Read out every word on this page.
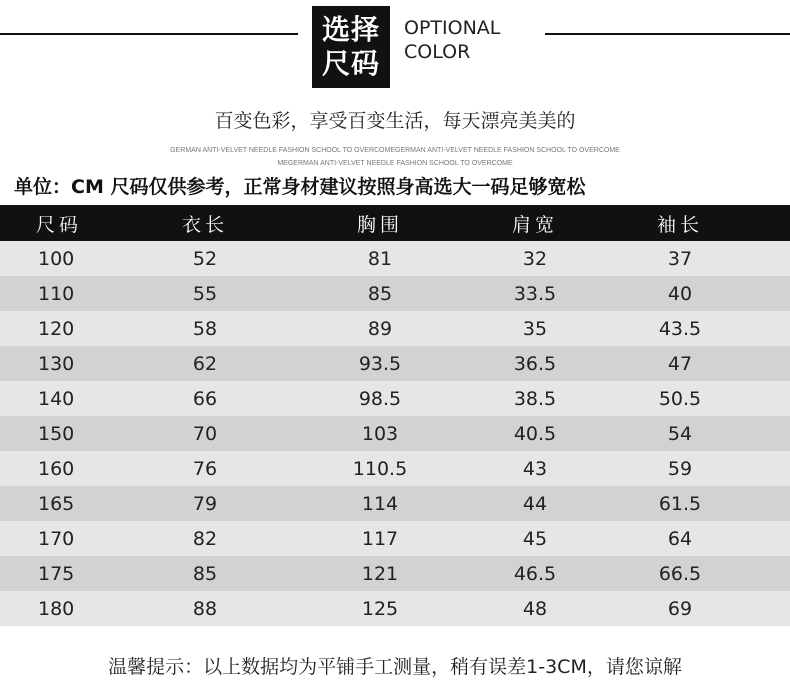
选择
尺码
OPTIONAL
COLOR
百变色彩，享受百变生活，每天漂亮美美的
GERMAN ANTI-VELVET NEEDLE FASHION SCHOOL TO OVERCOMEGERMAN ANTI-VELVET NEEDLE FASHION SCHOOL TO OVERCOME
MEGERMAN ANTI-VELVET NEEDLE FASHION SCHOOL TO OVERCOME
单位：CM 尺码仅供参考，正常身材建议按照身高选大一码足够宽松
尺码	衣长	胸围	肩宽	袖长
100	52	81	32	37
110	55	85	33.5	40
120	58	89	35	43.5
130	62	93.5	36.5	47
140	66	98.5	38.5	50.5
150	70	103	40.5	54
160	76	110.5	43	59
165	79	114	44	61.5
170	82	117	45	64
175	85	121	46.5	66.5
180	88	125	48	69
温馨提示：以上数据均为平铺手工测量，稍有误差1-3CM，请您谅解
